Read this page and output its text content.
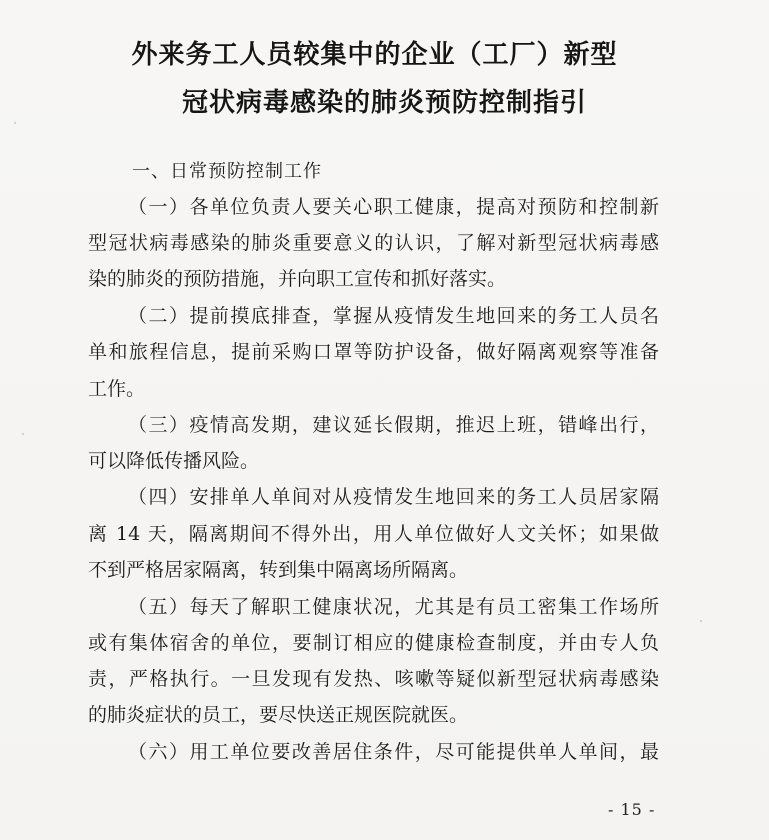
外来务工人员较集中的企业（工厂）新型
冠状病毒感染的肺炎预防控制指引
一、日常预防控制工作
（一）各单位负责人要关心职工健康，提高对预防和控制新
型冠状病毒感染的肺炎重要意义的认识，了解对新型冠状病毒感
染的肺炎的预防措施，并向职工宣传和抓好落实。
（二）提前摸底排查，掌握从疫情发生地回来的务工人员名
单和旅程信息，提前采购口罩等防护设备，做好隔离观察等准备
工作。
（三）疫情高发期，建议延长假期，推迟上班，错峰出行，
可以降低传播风险。
（四）安排单人单间对从疫情发生地回来的务工人员居家隔
离 14 天，隔离期间不得外出，用人单位做好人文关怀；如果做
不到严格居家隔离，转到集中隔离场所隔离。
（五）每天了解职工健康状况，尤其是有员工密集工作场所
或有集体宿舍的单位，要制订相应的健康检查制度，并由专人负
责，严格执行。一旦发现有发热、咳嗽等疑似新型冠状病毒感染
的肺炎症状的员工，要尽快送正规医院就医。
（六）用工单位要改善居住条件，尽可能提供单人单间，最
- 15 -
